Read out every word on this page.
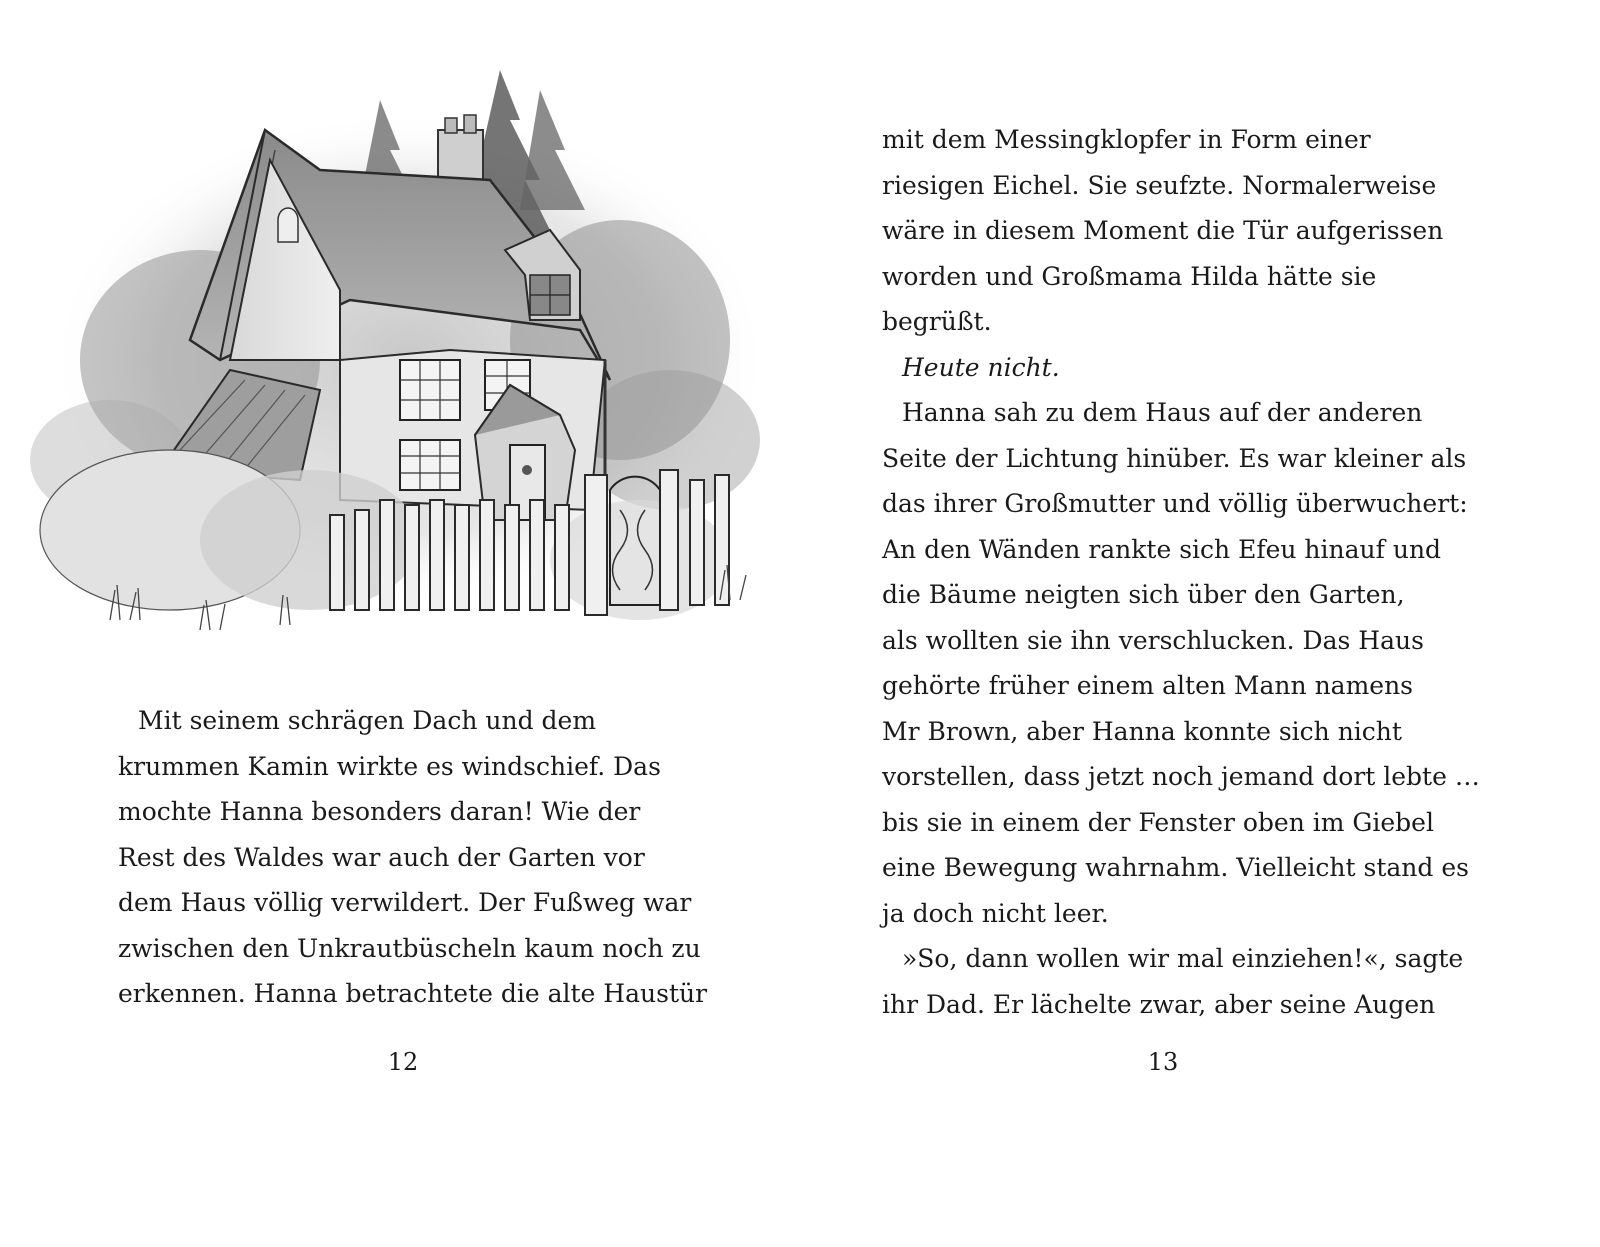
Mit seinem schrägen Dach und dem
krummen Kamin wirkte es windschief. Das
mochte Hanna besonders daran! Wie der
Rest des Waldes war auch der Garten vor
dem Haus völlig verwildert. Der Fußweg war
zwischen den Unkrautbüscheln kaum noch zu
erkennen. Hanna betrachtete die alte Haustür
12
mit dem Messingklopfer in Form einer
riesigen Eichel. Sie seufzte. Normalerweise
wäre in diesem Moment die Tür aufgerissen
worden und Großmama Hilda hätte sie
begrüßt.
Heute nicht.
Hanna sah zu dem Haus auf der anderen
Seite der Lichtung hinüber. Es war kleiner als
das ihrer Großmutter und völlig überwuchert:
An den Wänden rankte sich Efeu hinauf und
die Bäume neigten sich über den Garten,
als wollten sie ihn verschlucken. Das Haus
gehörte früher einem alten Mann namens
Mr Brown, aber Hanna konnte sich nicht
vorstellen, dass jetzt noch jemand dort lebte …
bis sie in einem der Fenster oben im Giebel
eine Bewegung wahrnahm. Vielleicht stand es
ja doch nicht leer.
»So, dann wollen wir mal einziehen!«, sagte
ihr Dad. Er lächelte zwar, aber seine Augen
13
